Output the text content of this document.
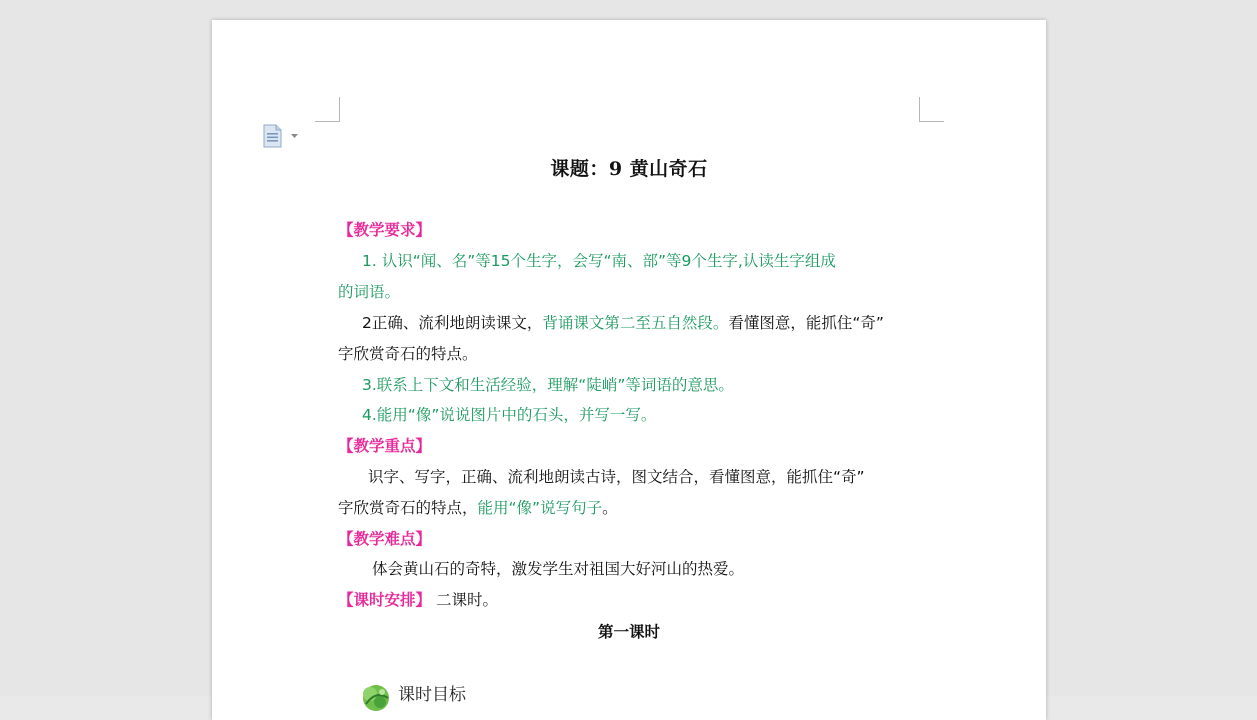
课题：9 黄山奇石
【教学要求】
1. 认识“闻、名”等15个生字，会写“南、部”等9个生字,认读生字组成
的词语。
2正确、流利地朗读课文，背诵课文第二至五自然段。看懂图意，能抓住“奇”
字欣赏奇石的特点。
3.联系上下文和生活经验，理解“陡峭”等词语的意思。
4.能用“像”说说图片中的石头，并写一写。
【教学重点】
识字、写字，正确、流利地朗读古诗，图文结合，看懂图意，能抓住“奇”
字欣赏奇石的特点，能用“像”说写句子。
【教学难点】
体会黄山石的奇特，激发学生对祖国大好河山的热爱。
【课时安排】 二课时。
第一课时
课时目标
